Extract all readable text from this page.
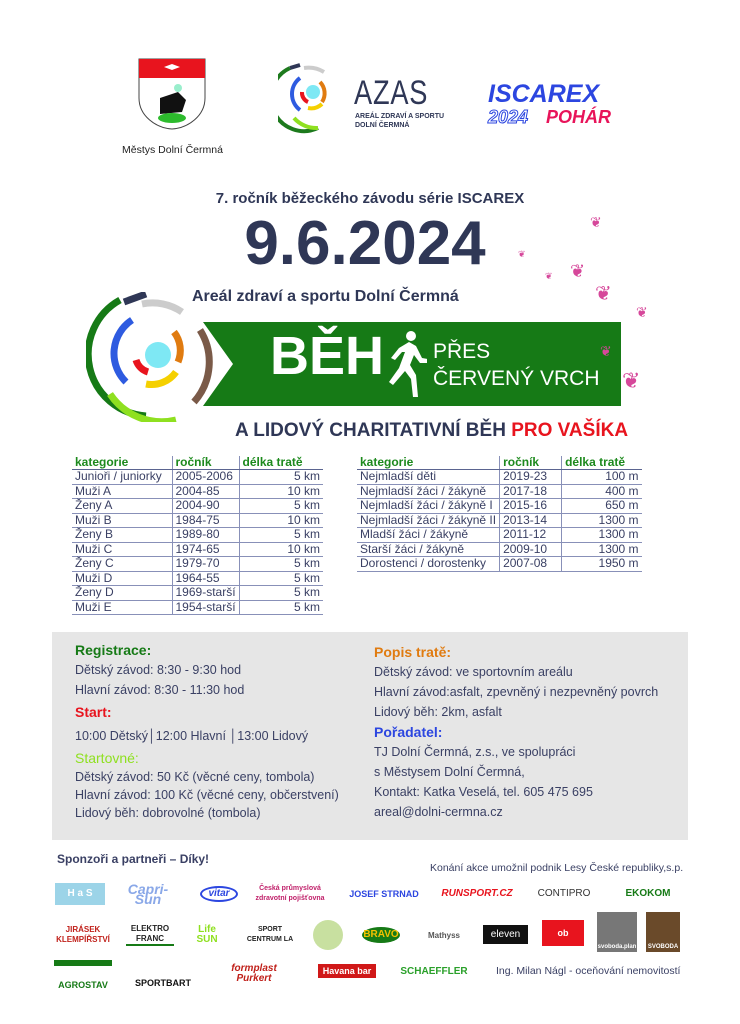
Městys Dolní Čermná
AZAS
AREÁL ZDRAVÍ A SPORTU
DOLNÍ ČERMNÁ
ISCAREX
2024 POHÁR
7. ročník běžeckého závodu série ISCAREX
9.6.2024
Areál zdraví a sportu Dolní Čermná
BĚH PŘES
ČERVENÝ VRCH
❦
❦
❦
❦
❦
❦
❦
❦
A LIDOVÝ CHARITATIVNÍ BĚH PRO VAŠÍKA
kategorie	ročník	délka tratě
Junioři / juniorky	2005-2006	5 km
Muži A	2004-85	10 km
Ženy A	2004-90	5 km
Muži B	1984-75	10 km
Ženy B	1989-80	5 km
Muži C	1974-65	10 km
Ženy C	1979-70	5 km
Muži D	1964-55	5 km
Ženy D	1969-starší	5 km
Muži E	1954-starší	5 km
kategorie	ročník	délka tratě
Nejmladší děti	2019-23	100 m
Nejmladší žáci / žákyně	2017-18	400 m
Nejmladší žáci / žákyně I	2015-16	650 m
Nejmladší žáci / žákyně II	2013-14	1300 m
Mladší žáci / žákyně	2011-12	1300 m
Starší žáci / žákyně	2009-10	1300 m
Dorostenci / dorostenky	2007-08	1950 m
Registrace:
Dětský závod: 8:30 - 9:30 hod
Hlavní závod: 8:30 - 11:30 hod
Start:
10:00 Dětský│12:00 Hlavní │13:00 Lidový
Startovné:
Dětský závod: 50 Kč (věcné ceny, tombola)
Hlavní závod: 100 Kč (věcné ceny, občerstvení)
Lidový běh: dobrovolné (tombola)
Popis tratě:
Dětský závod: ve sportovním areálu
Hlavní závod:asfalt, zpevněný i nezpevněný povrch
Lidový běh: 2km, asfalt
Pořadatel:
TJ Dolní Čermná, z.s., ve spolupráci
s Městysem Dolní Čermná,
Kontakt: Katka Veselá, tel. 605 475 695
areal@dolni-cermna.cz
Sponzoři a partneři – Díky!
Konání akce umožnil podnik Lesy České republiky,s.p.
H a S	Capri-Sun	vitar	Česká průmyslová zdravotní pojišťovna	JOSEF STRNAD	RUNSPORT.CZ	CONTIPRO	EKOKOM
JIRÁSEK KLEMPÍŘSTVÍ
ELEKTRO FRANC
Life SUN
SPORT CENTRUM LA	BRAVO	Mathyss	eleven	ob
svoboda.plan	SVOBODA
AGROSTAV	SPORTBART
formplast Purkert
Havana bar	SCHAEFFLER	Ing. Milan Nágl - oceňování nemovitostí
